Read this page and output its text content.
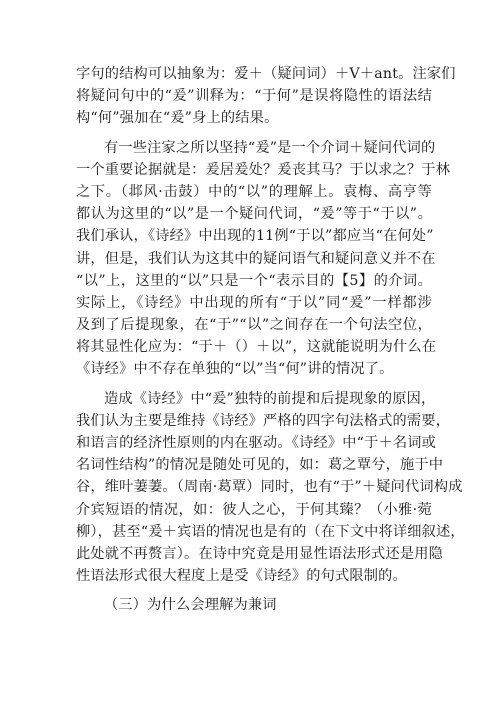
字句的结构可以抽象为：爱＋（疑问词）＋V＋ant。注家们
将疑问句中的“爰”训释为：“于何”是误将隐性的语法结
构“何”强加在“爰”身上的结果。
有一些注家之所以坚持“爰”是一个介词＋疑问代词的
一个重要论据就是：爰居爰处？爰丧其马？于以求之？于林
之下。（邶风·击鼓）中的“以”的理解上。袁梅、高亨等
都认为这里的“以”是一个疑问代词，“爰”等于“于以”。
我们承认，《诗经》中出现的11例“于以”都应当“在何处”
讲，但是，我们认为这其中的疑问语气和疑问意义并不在
“以”上，这里的“以”只是一个“表示目的【5】的介词。
实际上，《诗经》中出现的所有“于以”同“爰”一样都涉
及到了后提现象，在“于”“以”之间存在一个句法空位，
将其显性化应为：“于＋（）＋以”，这就能说明为什么在
《诗经》中不存在单独的“以”当“何”讲的情况了。
造成《诗经》中“爰”独特的前提和后提现象的原因，
我们认为主要是维持《诗经》严格的四字句法格式的需要，
和语言的经济性原则的内在驱动。《诗经》中“于＋名词或
名词性结构”的情况是随处可见的，如：葛之覃兮，施于中
谷，维叶萋萋。（周南·葛覃）同时，也有“于”＋疑问代词构成
介宾短语的情况，如：彼人之心，于何其臻？（小雅·菀
柳），甚至“爰＋宾语的情况也是有的（在下文中将详细叙述，
此处就不再赘言）。在诗中究竟是用显性语法形式还是用隐
性语法形式很大程度上是受《诗经》的句式限制的。
（三）为什么会理解为兼词
